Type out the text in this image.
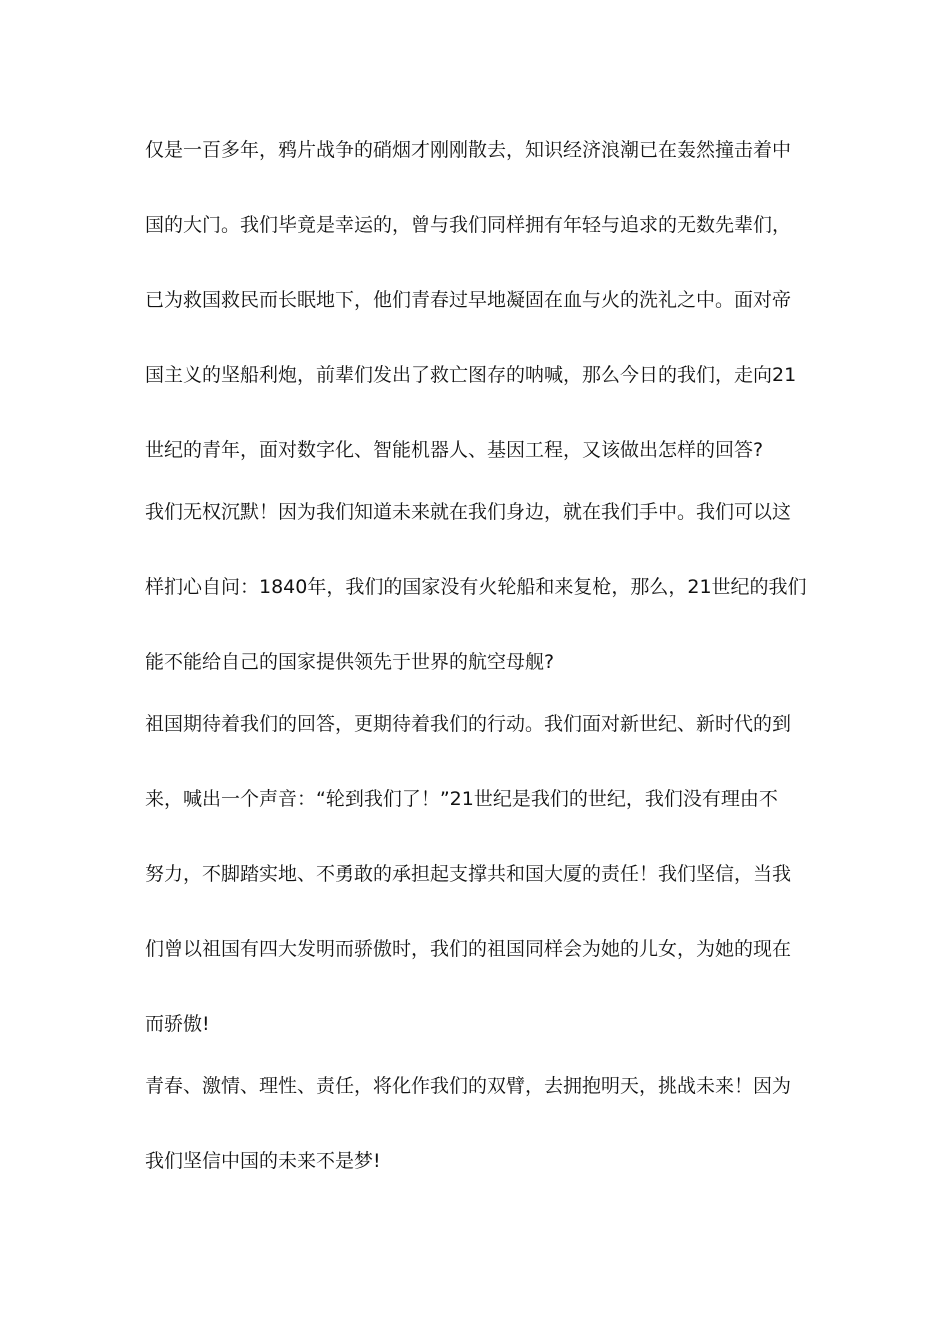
仅是一百多年，鸦片战争的硝烟才刚刚散去，知识经济浪潮已在轰然撞击着中
国的大门。我们毕竟是幸运的，曾与我们同样拥有年轻与追求的无数先辈们，
已为救国救民而长眠地下，他们青春过早地凝固在血与火的洗礼之中。面对帝
国主义的坚船利炮，前辈们发出了救亡图存的呐喊，那么今日的我们，走向21
世纪的青年，面对数字化、智能机器人、基因工程，又该做出怎样的回答?
我们无权沉默！因为我们知道未来就在我们身边，就在我们手中。我们可以这
样扪心自问：1840年，我们的国家没有火轮船和来复枪，那么，21世纪的我们
能不能给自己的国家提供领先于世界的航空母舰?
祖国期待着我们的回答，更期待着我们的行动。我们面对新世纪、新时代的到
来，喊出一个声音：“轮到我们了！”21世纪是我们的世纪，我们没有理由不
努力，不脚踏实地、不勇敢的承担起支撑共和国大厦的责任！我们坚信，当我
们曾以祖国有四大发明而骄傲时，我们的祖国同样会为她的儿女，为她的现在
而骄傲!
青春、激情、理性、责任，将化作我们的双臂，去拥抱明天，挑战未来！因为
我们坚信中国的未来不是梦!
